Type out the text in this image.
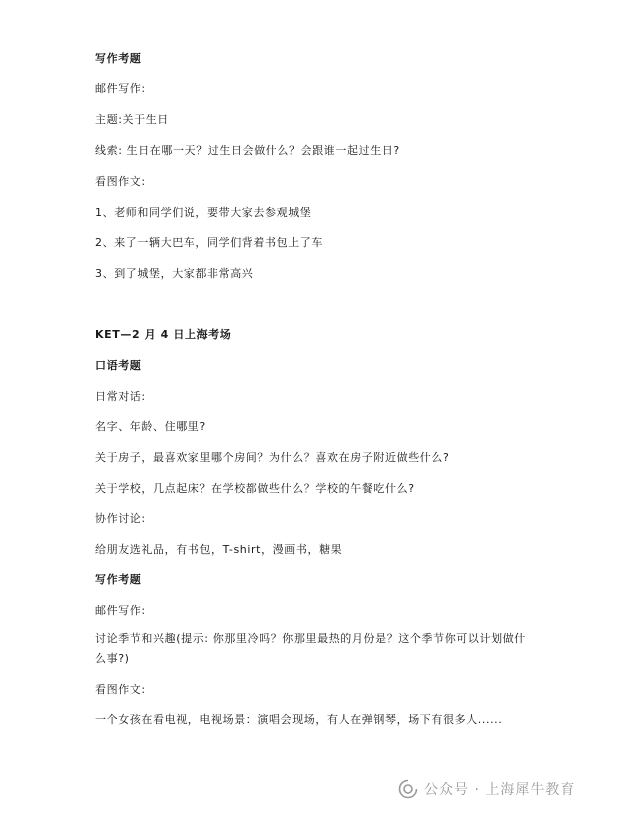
写作考题
邮件写作:
主题:关于生日
线索: 生日在哪一天？过生日会做什么？会跟谁一起过生日?
看图作文:
1、老师和同学们说，要带大家去参观城堡
2、来了一辆大巴车，同学们背着书包上了车
3、到了城堡，大家都非常高兴
KET—2 月 4 日上海考场
口语考题
日常对话:
名字、年龄、住哪里?
关于房子，最喜欢家里哪个房间？为什么？喜欢在房子附近做些什么?
关于学校，几点起床？在学校都做些什么？学校的午餐吃什么?
协作讨论:
给朋友选礼品，有书包，T-shirt，漫画书，糖果
写作考题
邮件写作:
讨论季节和兴趣(提示: 你那里冷吗？你那里最热的月份是？这个季节你可以计划做什么事?)
看图作文:
一个女孩在看电视，电视场景：演唱会现场，有人在弹钢琴，场下有很多人......
公众号 · 上海犀牛教育
